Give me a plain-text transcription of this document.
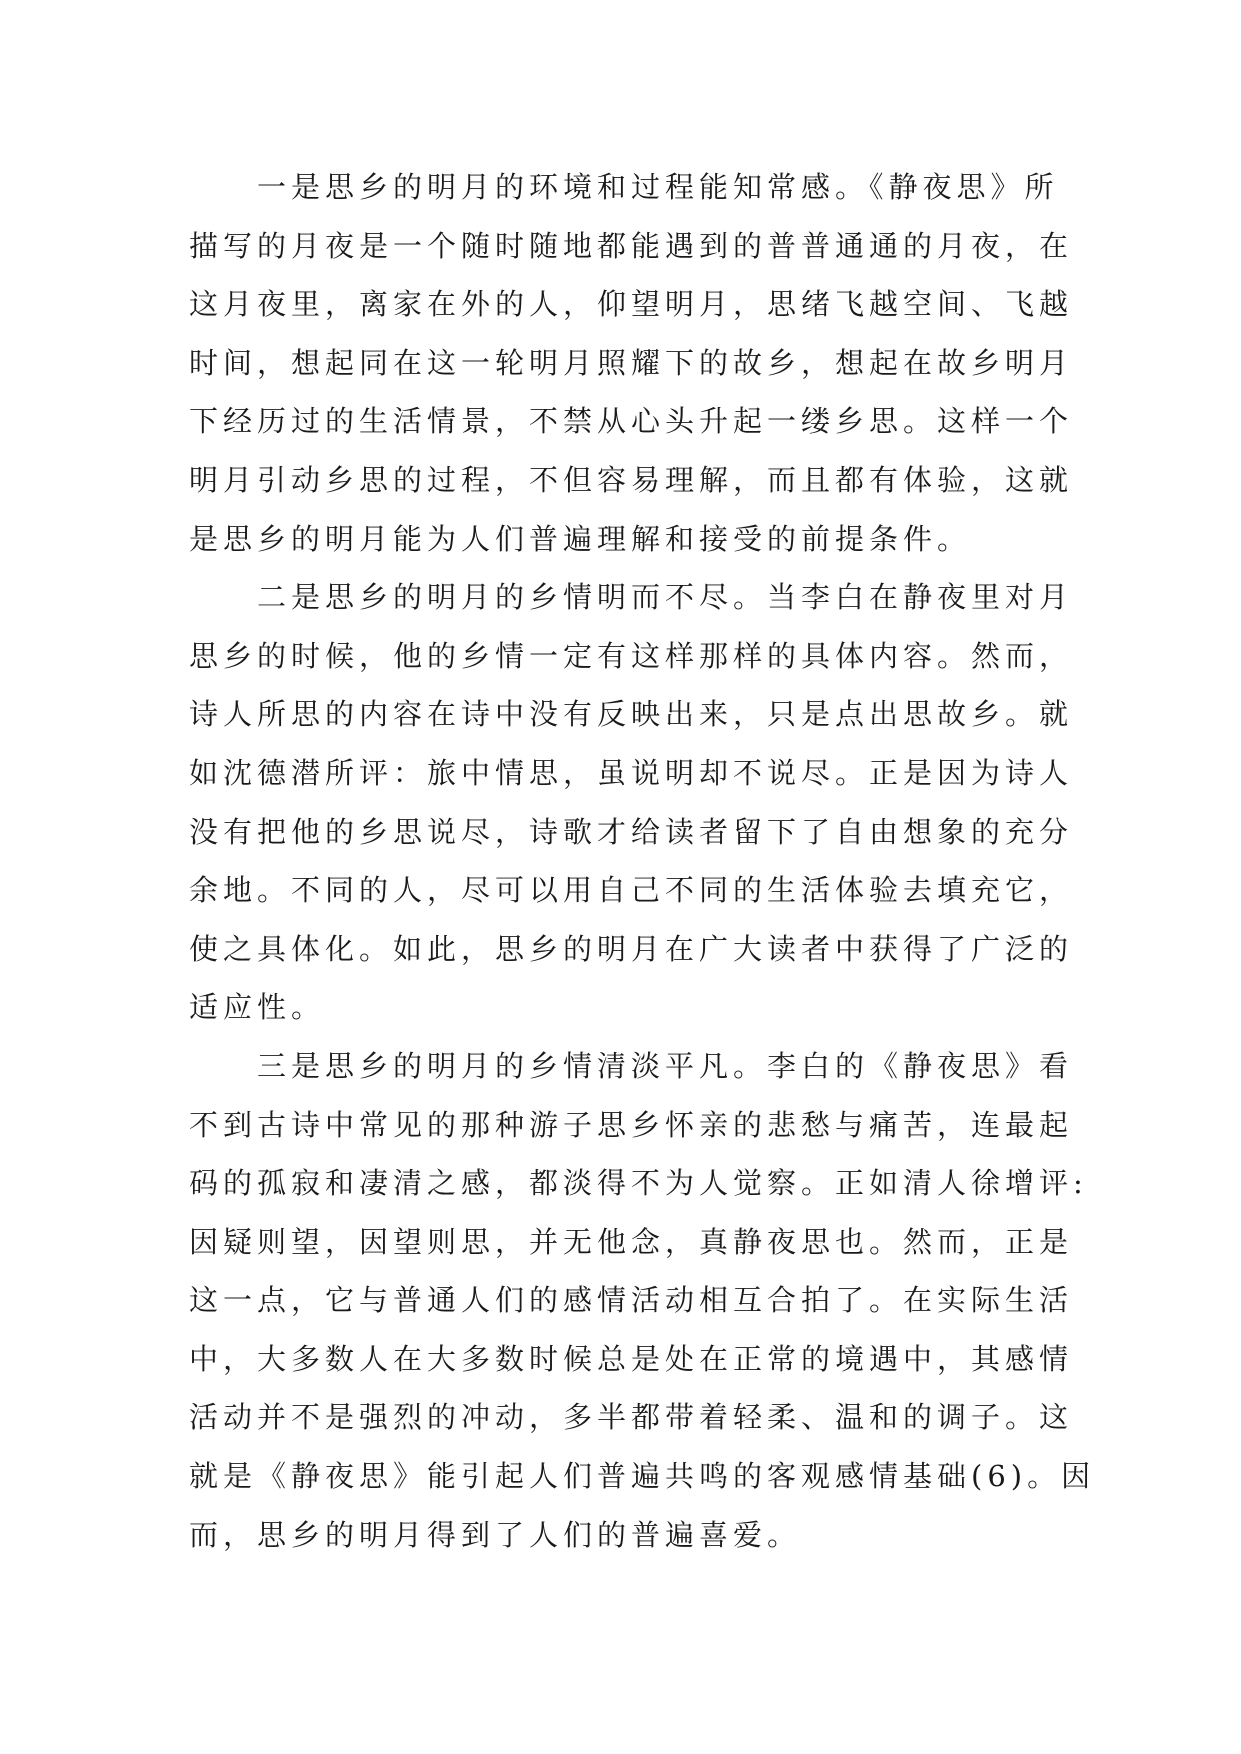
一是思乡的明月的环境和过程能知常感。《静夜思》所
描写的月夜是一个随时随地都能遇到的普普通通的月夜，在
这月夜里，离家在外的人，仰望明月，思绪飞越空间、飞越
时间，想起同在这一轮明月照耀下的故乡，想起在故乡明月
下经历过的生活情景，不禁从心头升起一缕乡思。这样一个
明月引动乡思的过程，不但容易理解，而且都有体验，这就
是思乡的明月能为人们普遍理解和接受的前提条件。
二是思乡的明月的乡情明而不尽。当李白在静夜里对月
思乡的时候，他的乡情一定有这样那样的具体内容。然而，
诗人所思的内容在诗中没有反映出来，只是点出思故乡。就
如沈德潜所评：旅中情思，虽说明却不说尽。正是因为诗人
没有把他的乡思说尽，诗歌才给读者留下了自由想象的充分
余地。不同的人，尽可以用自己不同的生活体验去填充它，
使之具体化。如此，思乡的明月在广大读者中获得了广泛的
适应性。
三是思乡的明月的乡情清淡平凡。李白的《静夜思》看
不到古诗中常见的那种游子思乡怀亲的悲愁与痛苦，连最起
码的孤寂和凄清之感，都淡得不为人觉察。正如清人徐增评:
因疑则望，因望则思，并无他念，真静夜思也。然而，正是
这一点，它与普通人们的感情活动相互合拍了。在实际生活
中，大多数人在大多数时候总是处在正常的境遇中，其感情
活动并不是强烈的冲动，多半都带着轻柔、温和的调子。这
就是《静夜思》能引起人们普遍共鸣的客观感情基础(6)。因
而，思乡的明月得到了人们的普遍喜爱。
